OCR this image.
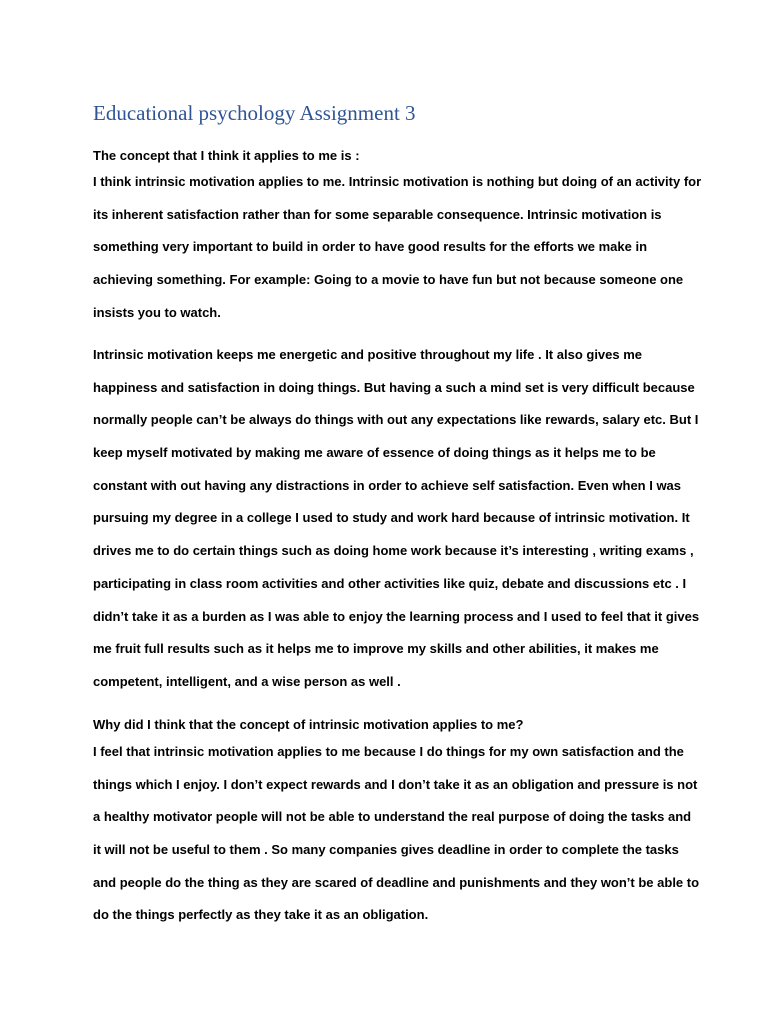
Educational psychology Assignment 3

The concept that I think it applies to me is :

I think intrinsic motivation applies to me. Intrinsic motivation is nothing but doing of an activity for
its inherent satisfaction rather than for some separable consequence. Intrinsic motivation is
something very important to build in order to have good results for the efforts we make in
achieving something. For example: Going to a movie to have fun but not because someone one
insists you to watch.
Intrinsic motivation keeps me energetic and positive throughout my life . It also gives me
happiness and satisfaction in doing things. But having a such a mind set is very difficult because
normally people can’t be always do things with out any expectations like rewards, salary etc. But I
keep myself motivated by making me aware of essence of doing things as it helps me to be
constant with out having any distractions in order to achieve self satisfaction. Even when I was
pursuing my degree in a college I used to study and work hard because of intrinsic motivation. It
drives me to do certain things such as doing home work because it’s interesting , writing exams ,
participating in class room activities and other activities like quiz, debate and discussions etc . I
didn’t take it as a burden as I was able to enjoy the learning process and I used to feel that it gives
me fruit full results such as it helps me to improve my skills and other abilities, it makes me
competent, intelligent, and a wise person as well .

Why did I think that the concept of intrinsic motivation applies to me?

I feel that intrinsic motivation applies to me because I do things for my own satisfaction and the
things which I enjoy. I don’t expect rewards and I don’t take it as an obligation and pressure is not
a healthy motivator people will not be able to understand the real purpose of doing the tasks and
it will not be useful to them . So many companies gives deadline in order to complete the tasks
and people do the thing as they are scared of deadline and punishments and they won’t be able to
do the things perfectly as they take it as an obligation.
